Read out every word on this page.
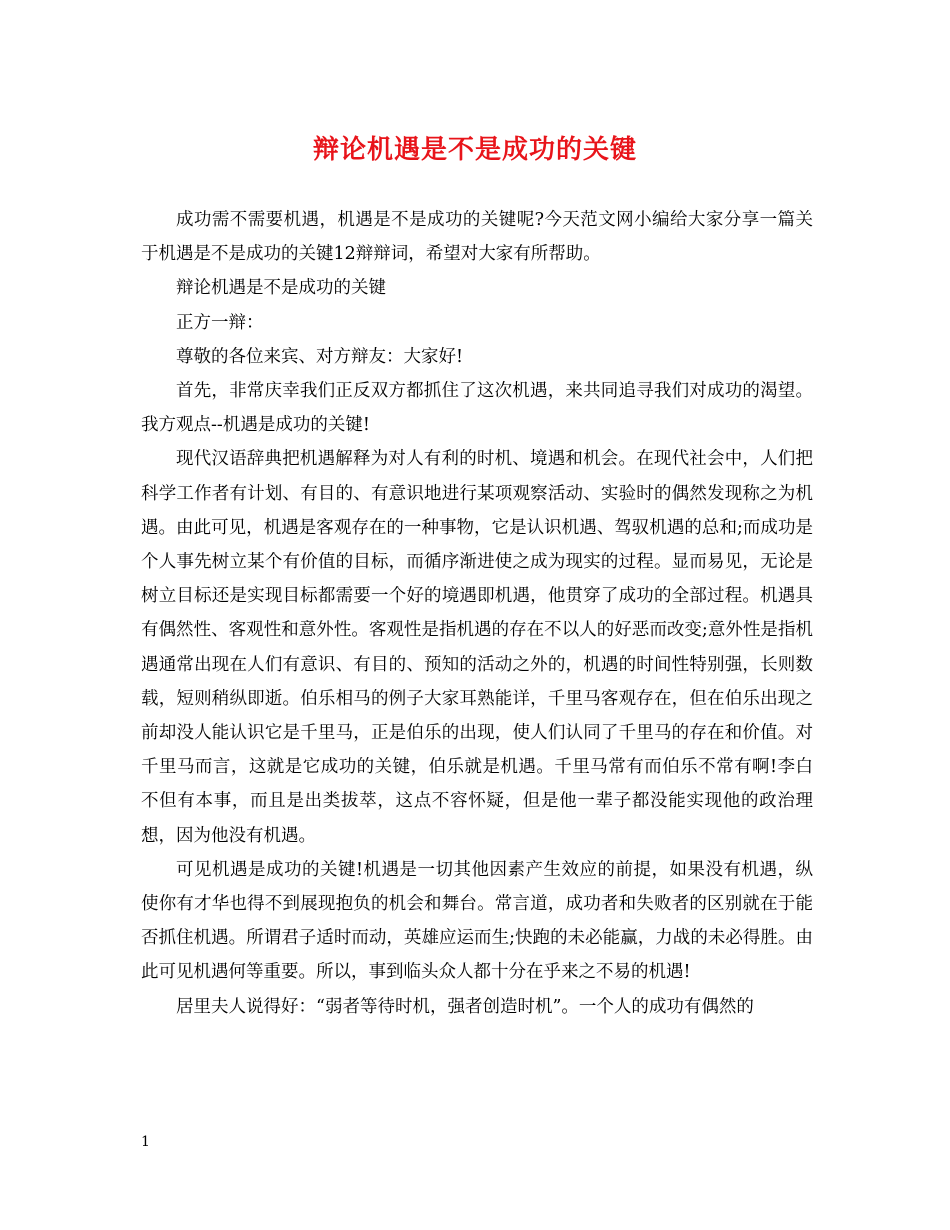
辩论机遇是不是成功的关键

成功需不需要机遇，机遇是不是成功的关键呢?今天范文网小编给大家分享一篇关于机遇是不是成功的关键12辩辩词，希望对大家有所帮助。

辩论机遇是不是成功的关键

正方一辩：

尊敬的各位来宾、对方辩友：大家好!

首先，非常庆幸我们正反双方都抓住了这次机遇，来共同追寻我们对成功的渴望。我方观点--机遇是成功的关键!

现代汉语辞典把机遇解释为对人有利的时机、境遇和机会。在现代社会中，人们把科学工作者有计划、有目的、有意识地进行某项观察活动、实验时的偶然发现称之为机遇。由此可见，机遇是客观存在的一种事物，它是认识机遇、驾驭机遇的总和;而成功是个人事先树立某个有价值的目标，而循序渐进使之成为现实的过程。显而易见，无论是树立目标还是实现目标都需要一个好的境遇即机遇，他贯穿了成功的全部过程。机遇具有偶然性、客观性和意外性。客观性是指机遇的存在不以人的好恶而改变;意外性是指机遇通常出现在人们有意识、有目的、预知的活动之外的，机遇的时间性特别强，长则数载，短则稍纵即逝。伯乐相马的例子大家耳熟能详，千里马客观存在，但在伯乐出现之前却没人能认识它是千里马，正是伯乐的出现，使人们认同了千里马的存在和价值。对千里马而言，这就是它成功的关键，伯乐就是机遇。千里马常有而伯乐不常有啊!李白不但有本事，而且是出类拔萃，这点不容怀疑，但是他一辈子都没能实现他的政治理想，因为他没有机遇。

可见机遇是成功的关键!机遇是一切其他因素产生效应的前提，如果没有机遇，纵使你有才华也得不到展现抱负的机会和舞台。常言道，成功者和失败者的区别就在于能否抓住机遇。所谓君子适时而动，英雄应运而生;快跑的未必能赢，力战的未必得胜。由此可见机遇何等重要。所以，事到临头众人都十分在乎来之不易的机遇!

居里夫人说得好：“弱者等待时机，强者创造时机”。一个人的成功有偶然的

1
